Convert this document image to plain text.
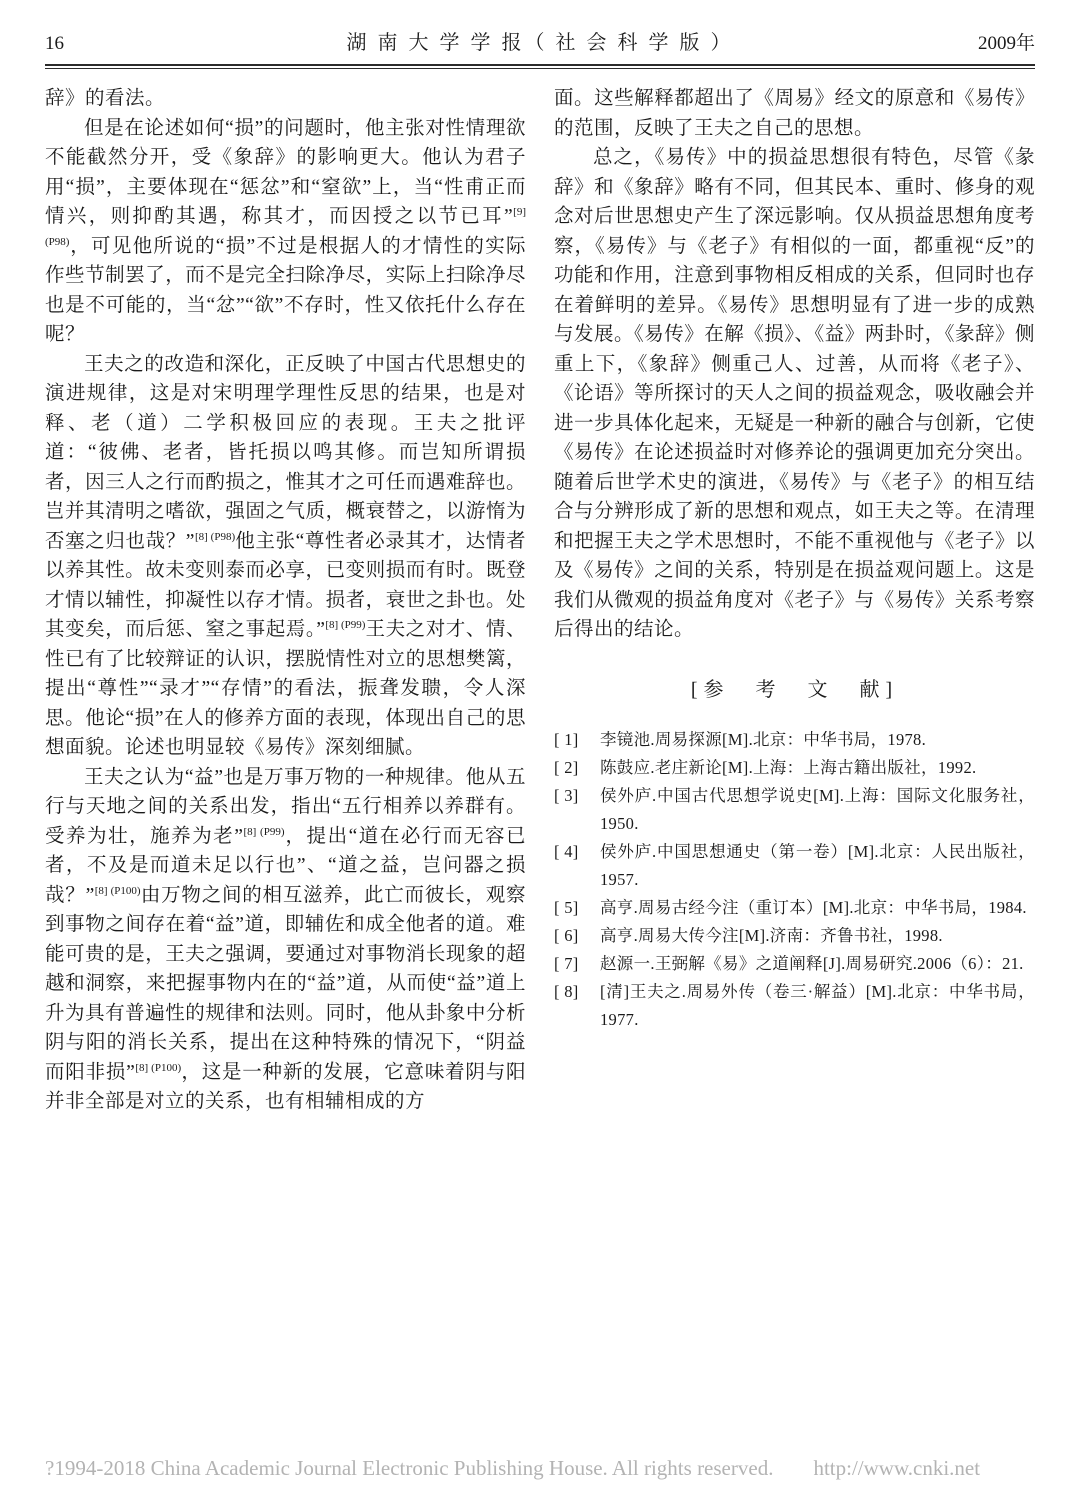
16	湖 南 大 学 学 报（ 社 会 科 学 版 ）	2009年

辞》的看法。

但是在论述如何“损”的问题时，他主张对性情理欲不能截然分开，受《象辞》的影响更大。他认为君子用“损”，主要体现在“惩忿”和“窒欲”上，当“性甫正而情兴，则抑酌其遇，称其才，而因授之以节已耳”$^{[9] (P98)}$，可见他所说的“损”不过是根据人的才情性的实际作些节制罢了，而不是完全扫除净尽，实际上扫除净尽也是不可能的，当“忿”“欲”不存时，性又依托什么存在呢？

王夫之的改造和深化，正反映了中国古代思想史的演进规律，这是对宋明理学理性反思的结果，也是对释、老（道）二学积极回应的表现。王夫之批评道：“彼佛、老者，皆托损以鸣其修。而岂知所谓损者，因三人之行而酌损之，惟其才之可任而遇难辞也。岂并其清明之嗜欲，强固之气质，概衰替之，以游惰为否塞之归也哉？”$^{[8] (P98)}$他主张“尊性者必录其才，达情者以养其性。故未变则泰而必享，已变则损而有时。既登才情以辅性，抑凝性以存才情。损者，衰世之卦也。处其变矣，而后惩、窒之事起焉。”$^{[8] (P99)}$王夫之对才、情、性已有了比较辩证的认识，摆脱情性对立的思想樊篱，提出“尊性”“录才”“存情”的看法，振聋发聩，令人深思。他论“损”在人的修养方面的表现，体现出自己的思想面貌。论述也明显较《易传》深刻细腻。

王夫之认为“益”也是万事万物的一种规律。他从五行与天地之间的关系出发，指出“五行相养以养群有。受养为壮，施养为老”$^{[8] (P99)}$，提出“道在必行而无容已者，不及是而道未足以行也”、“道之益，岂问器之损哉？”$^{[8] (P100)}$由万物之间的相互滋养，此亡而彼长，观察到事物之间存在着“益”道，即辅佐和成全他者的道。难能可贵的是，王夫之强调，要通过对事物消长现象的超越和洞察，来把握事物内在的“益”道，从而使“益”道上升为具有普遍性的规律和法则。同时，他从卦象中分析阴与阳的消长关系，提出在这种特殊的情况下，“阴益而阳非损”$^{[8] (P100)}$，这是一种新的发展，它意味着阴与阳并非全部是对立的关系，也有相辅相成的方

面。这些解释都超出了《周易》经文的原意和《易传》的范围，反映了王夫之自己的思想。

总之，《易传》中的损益思想很有特色，尽管《彖辞》和《象辞》略有不同，但其民本、重时、修身的观念对后世思想史产生了深远影响。仅从损益思想角度考察，《易传》与《老子》有相似的一面，都重视“反”的功能和作用，注意到事物相反相成的关系，但同时也存在着鲜明的差异。《易传》思想明显有了进一步的成熟与发展。《易传》在解《损》、《益》两卦时，《彖辞》侧重上下，《象辞》侧重己人、过善，从而将《老子》、《论语》等所探讨的天人之间的损益观念，吸收融会并进一步具体化起来，无疑是一种新的融合与创新，它使《易传》在论述损益时对修养论的强调更加充分突出。随着后世学术史的演进，《易传》与《老子》的相互结合与分辨形成了新的思想和观点，如王夫之等。在清理和把握王夫之学术思想时，不能不重视他与《老子》以及《易传》之间的关系，特别是在损益观问题上。这是我们从微观的损益角度对《老子》与《易传》关系考察后得出的结论。

[参　考　文　献]
[ 1]	李镜池.周易探源[M].北京：中华书局，1978.
[ 2]	陈鼓应.老庄新论[M].上海：上海古籍出版社，1992.
[ 3]	侯外庐.中国古代思想学说史[M].上海：国际文化服务社，1950.
[ 4]	侯外庐.中国思想通史（第一卷）[M].北京：人民出版社，1957.
[ 5]	高亨.周易古经今注（重订本）[M].北京：中华书局，1984.
[ 6]	高亨.周易大传今注[M].济南：齐鲁书社，1998.
[ 7]	赵源一.王弼解《易》之道阐释[J].周易研究.2006（6）：21.
[ 8]	[清]王夫之.周易外传（卷三·解益）[M].北京：中华书局，1977.
?1994-2018 China Academic Journal Electronic Publishing House. All rights reserved. http://www.cnki.net
